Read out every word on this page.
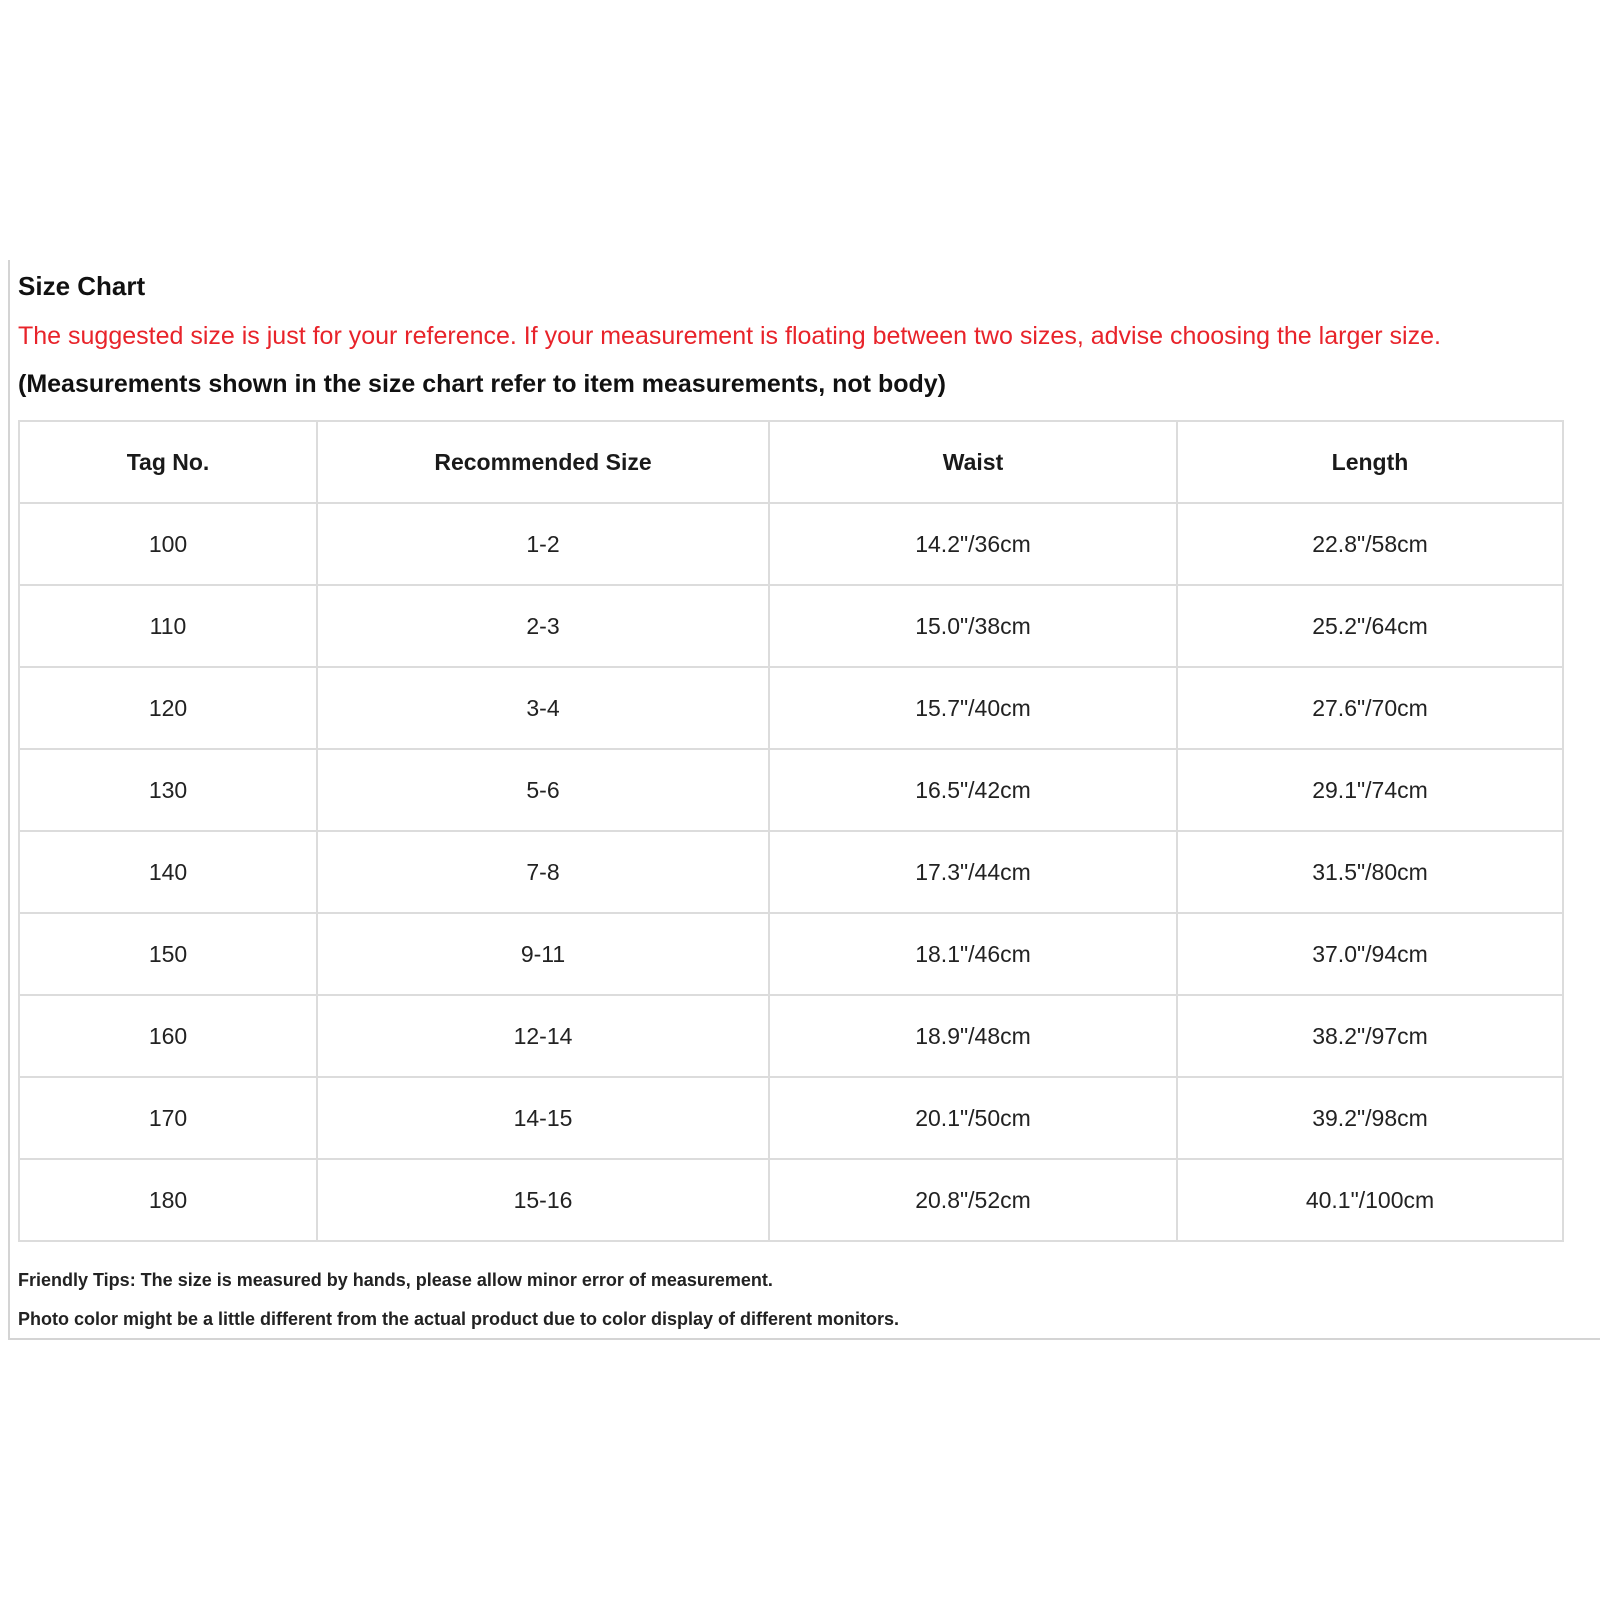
Size Chart
The suggested size is just for your reference. If your measurement is floating between two sizes, advise choosing the larger size.
(Measurements shown in the size chart refer to item measurements, not body)
Tag No.	Recommended Size	Waist	Length
100	1-2	14.2"/36cm	22.8"/58cm
110	2-3	15.0"/38cm	25.2"/64cm
120	3-4	15.7"/40cm	27.6"/70cm
130	5-6	16.5"/42cm	29.1"/74cm
140	7-8	17.3"/44cm	31.5"/80cm
150	9-11	18.1"/46cm	37.0"/94cm
160	12-14	18.9"/48cm	38.2"/97cm
170	14-15	20.1"/50cm	39.2"/98cm
180	15-16	20.8"/52cm	40.1"/100cm
Friendly Tips: The size is measured by hands, please allow minor error of measurement.
Photo color might be a little different from the actual product due to color display of different monitors.
